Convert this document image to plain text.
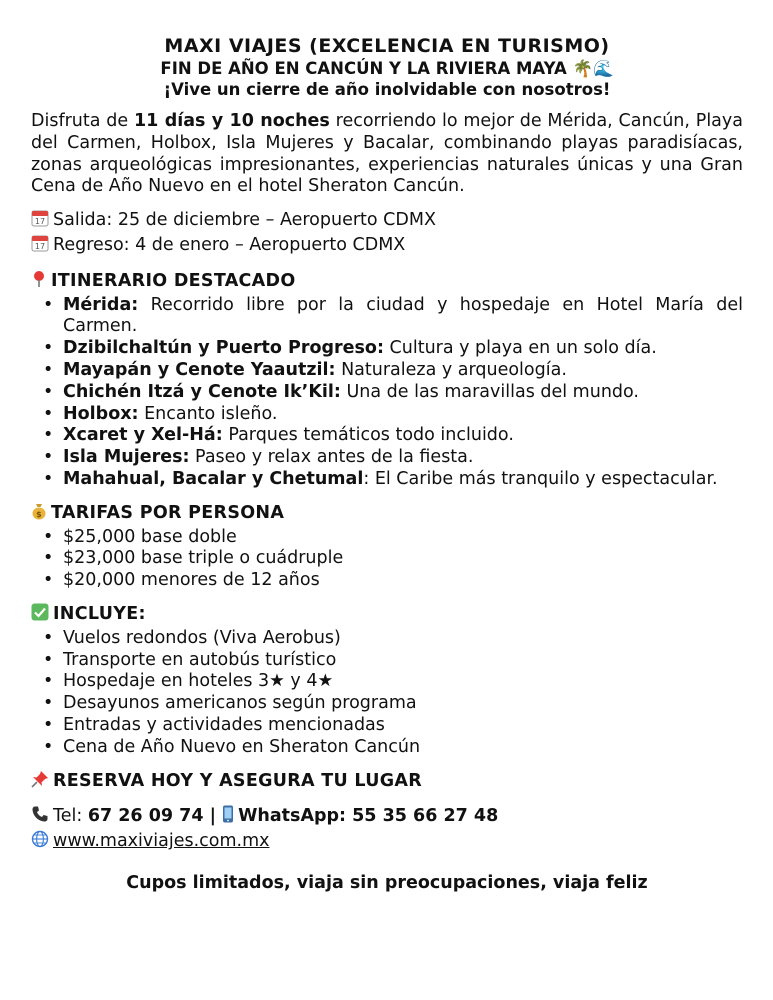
MAXI VIAJES (EXCELENCIA EN TURISMO)
FIN DE AÑO EN CANCÚN Y LA RIVIERA MAYA 🌴🌊
¡Vive un cierre de año inolvidable con nosotros!
Disfruta de 11 días y 10 noches recorriendo lo mejor de Mérida, Cancún, Playa del Carmen, Holbox, Isla Mujeres y Bacalar, combinando playas paradisíacas, zonas arqueológicas impresionantes, experiencias naturales únicas y una Gran Cena de Año Nuevo en el hotel Sheraton Cancún.
17 Salida: 25 de diciembre – Aeropuerto CDMX
17 Regreso: 4 de enero – Aeropuerto CDMX
ITINERARIO DESTACADO
• Mérida: Recorrido libre por la ciudad y hospedaje en Hotel María del Carmen.
• Dzibilchaltún y Puerto Progreso: Cultura y playa en un solo día.
• Mayapán y Cenote Yaautzil: Naturaleza y arqueología.
• Chichén Itzá y Cenote Ik’Kil: Una de las maravillas del mundo.
• Holbox: Encanto isleño.
• Xcaret y Xel-Há: Parques temáticos todo incluido.
• Isla Mujeres: Paseo y relax antes de la fiesta.
• Mahahual, Bacalar y Chetumal: El Caribe más tranquilo y espectacular.
$ TARIFAS POR PERSONA
• $25,000 base doble
• $23,000 base triple o cuádruple
• $20,000 menores de 12 años
INCLUYE:
• Vuelos redondos (Viva Aerobus)
• Transporte en autobús turístico
• Hospedaje en hoteles 3★ y 4★
• Desayunos americanos según programa
• Entradas y actividades mencionadas
• Cena de Año Nuevo en Sheraton Cancún
RESERVA HOY Y ASEGURA TU LUGAR
Tel: 67 26 09 74 | WhatsApp: 55 35 66 27 48
www.maxiviajes.com.mx
Cupos limitados, viaja sin preocupaciones, viaja feliz
